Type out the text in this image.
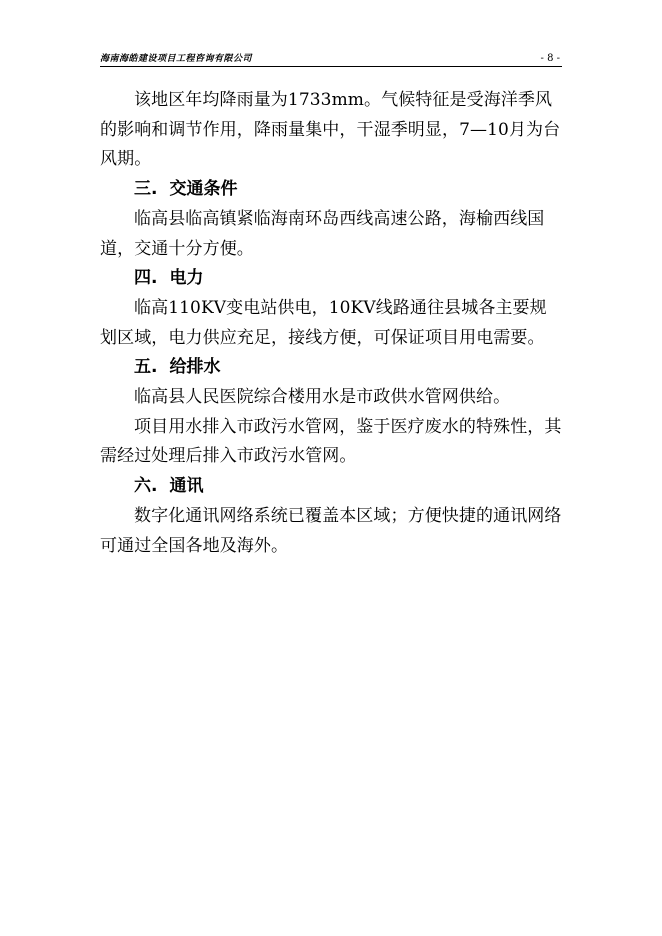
海南海皓建设项目工程咨询有限公司	- 8 -

该地区年均降雨量为1733mm。气候特征是受海洋季风的影响和调节作用，降雨量集中，干湿季明显，7—10月为台风期。

三. 交通条件

临高县临高镇紧临海南环岛西线高速公路，海榆西线国道，交通十分方便。

四. 电力

临高110KV变电站供电，10KV线路通往县城各主要规划区域，电力供应充足，接线方便，可保证项目用电需要。

五. 给排水

临高县人民医院综合楼用水是市政供水管网供给。

项目用水排入市政污水管网，鉴于医疗废水的特殊性，其需经过处理后排入市政污水管网。

六. 通讯

数字化通讯网络系统已覆盖本区域；方便快捷的通讯网络可通过全国各地及海外。
